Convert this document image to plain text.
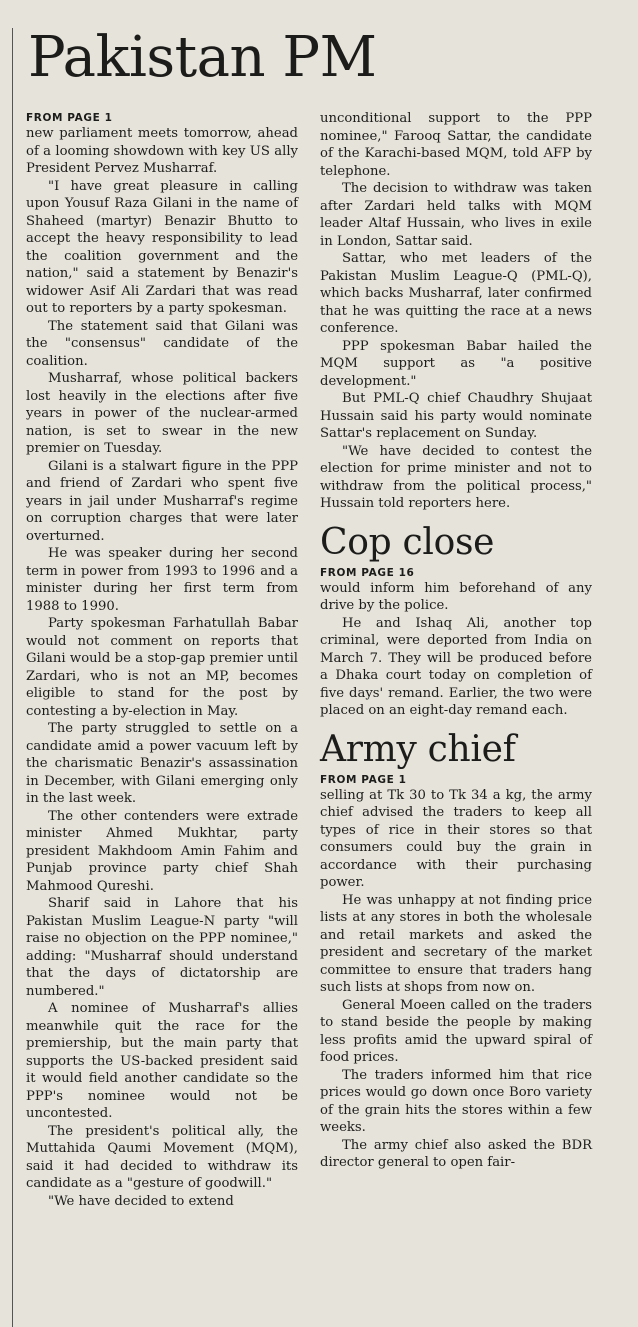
Pakistan PM
FROM PAGE 1

new parliament meets tomorrow, ahead of a looming showdown with key US ally President Pervez Musharraf.

"I have great pleasure in calling upon Yousuf Raza Gilani in the name of Shaheed (martyr) Benazir Bhutto to accept the heavy responsibility to lead the coalition government and the nation," said a statement by Benazir's widower Asif Ali Zardari that was read out to reporters by a party spokesman.

The statement said that Gilani was the "consensus" candidate of the coalition.

Musharraf, whose political backers lost heavily in the elections after five years in power of the nuclear-armed nation, is set to swear in the new premier on Tuesday.

Gilani is a stalwart figure in the PPP and friend of Zardari who spent five years in jail under Musharraf's regime on corruption charges that were later overturned.

He was speaker during her second term in power from 1993 to 1996 and a minister during her first term from 1988 to 1990.

Party spokesman Farhatullah Babar would not comment on reports that Gilani would be a stop-gap premier until Zardari, who is not an MP, becomes eligible to stand for the post by contesting a by-election in May.

The party struggled to settle on a candidate amid a power vacuum left by the charismatic Benazir's assassination in December, with Gilani emerging only in the last week.

The other contenders were extrade minister Ahmed Mukhtar, party president Makhdoom Amin Fahim and Punjab province party chief Shah Mahmood Qureshi.

Sharif said in Lahore that his Pakistan Muslim League-N party "will raise no objection on the PPP nominee," adding: "Musharraf should understand that the days of dictatorship are numbered."

A nominee of Musharraf's allies meanwhile quit the race for the premiership, but the main party that supports the US-backed president said it would field another candidate so the PPP's nominee would not be uncontested.

The president's political ally, the Muttahida Qaumi Movement (MQM), said it had decided to withdraw its candidate as a "gesture of goodwill."

"We have decided to extend

unconditional support to the PPP nominee," Farooq Sattar, the candidate of the Karachi-based MQM, told AFP by telephone.

The decision to withdraw was taken after Zardari held talks with MQM leader Altaf Hussain, who lives in exile in London, Sattar said.

Sattar, who met leaders of the Pakistan Muslim League-Q (PML-Q), which backs Musharraf, later confirmed that he was quitting the race at a news conference.

PPP spokesman Babar hailed the MQM support as "a positive development."

But PML-Q chief Chaudhry Shujaat Hussain said his party would nominate Sattar's replacement on Sunday.

"We have decided to contest the election for prime minister and not to withdraw from the political process," Hussain told reporters here.

Cop close
FROM PAGE 16

would inform him beforehand of any drive by the police.

He and Ishaq Ali, another top criminal, were deported from India on March 7. They will be produced before a Dhaka court today on completion of five days' remand. Earlier, the two were placed on an eight-day remand each.

Army chief
FROM PAGE 1

selling at Tk 30 to Tk 34 a kg, the army chief advised the traders to keep all types of rice in their stores so that consumers could buy the grain in accordance with their purchasing power.

He was unhappy at not finding price lists at any stores in both the wholesale and retail markets and asked the president and secretary of the market committee to ensure that traders hang such lists at shops from now on.

General Moeen called on the traders to stand beside the people by making less profits amid the upward spiral of food prices.

The traders informed him that rice prices would go down once Boro variety of the grain hits the stores within a few weeks.

The army chief also asked the BDR director general to open fair-
